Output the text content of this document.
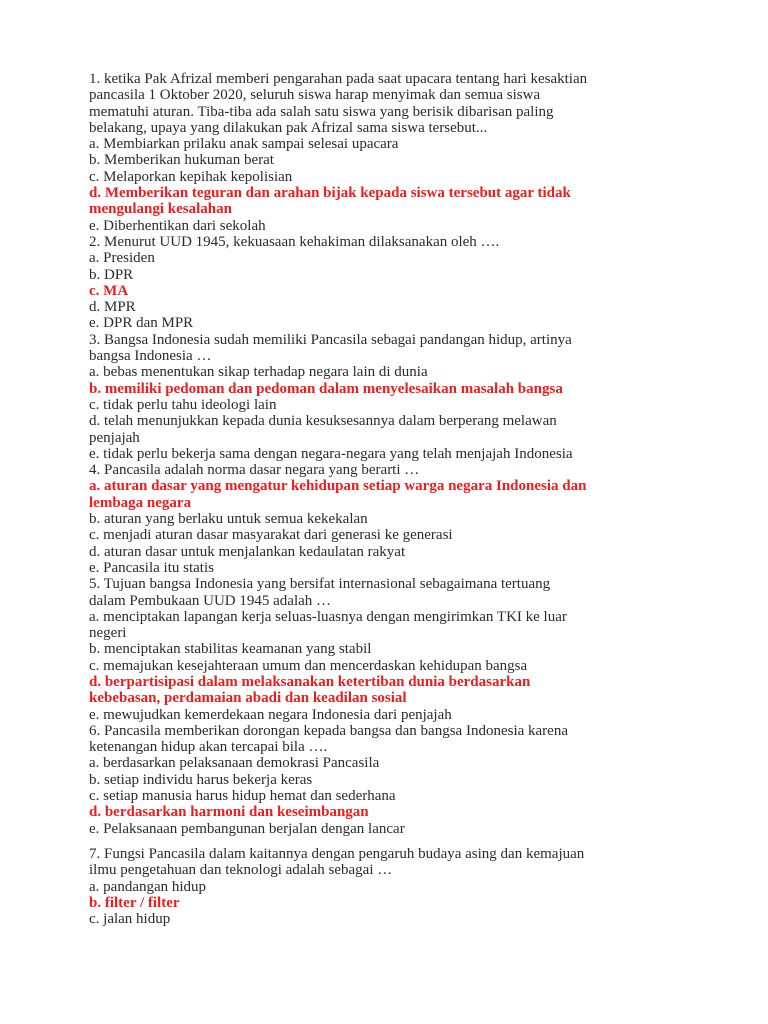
1. ketika Pak Afrizal memberi pengarahan pada saat upacara tentang hari kesaktian
pancasila 1 Oktober 2020, seluruh siswa harap menyimak dan semua siswa
mematuhi aturan. Tiba-tiba ada salah satu siswa yang berisik dibarisan paling
belakang, upaya yang dilakukan pak Afrizal sama siswa tersebut...
a. Membiarkan prilaku anak sampai selesai upacara
b. Memberikan hukuman berat
c. Melaporkan kepihak kepolisian
d. Memberikan teguran dan arahan bijak kepada siswa tersebut agar tidak
mengulangi kesalahan
e. Diberhentikan dari sekolah
2. Menurut UUD 1945, kekuasaan kehakiman dilaksanakan oleh ….
a. Presiden
b. DPR
c. MA
d. MPR
e. DPR dan MPR
3. Bangsa Indonesia sudah memiliki Pancasila sebagai pandangan hidup, artinya
bangsa Indonesia …
a. bebas menentukan sikap terhadap negara lain di dunia
b. memiliki pedoman dan pedoman dalam menyelesaikan masalah bangsa
c. tidak perlu tahu ideologi lain
d. telah menunjukkan kepada dunia kesuksesannya dalam berperang melawan
penjajah
e. tidak perlu bekerja sama dengan negara-negara yang telah menjajah Indonesia
4. Pancasila adalah norma dasar negara yang berarti …
a. aturan dasar yang mengatur kehidupan setiap warga negara Indonesia dan
lembaga negara
b. aturan yang berlaku untuk semua kekekalan
c. menjadi aturan dasar masyarakat dari generasi ke generasi
d. aturan dasar untuk menjalankan kedaulatan rakyat
e. Pancasila itu statis
5. Tujuan bangsa Indonesia yang bersifat internasional sebagaimana tertuang
dalam Pembukaan UUD 1945 adalah …
a. menciptakan lapangan kerja seluas-luasnya dengan mengirimkan TKI ke luar
negeri
b. menciptakan stabilitas keamanan yang stabil
c. memajukan kesejahteraan umum dan mencerdaskan kehidupan bangsa
d. berpartisipasi dalam melaksanakan ketertiban dunia berdasarkan
kebebasan, perdamaian abadi dan keadilan sosial
e. mewujudkan kemerdekaan negara Indonesia dari penjajah
6. Pancasila memberikan dorongan kepada bangsa dan bangsa Indonesia karena
ketenangan hidup akan tercapai bila ….
a. berdasarkan pelaksanaan demokrasi Pancasila
b. setiap individu harus bekerja keras
c. setiap manusia harus hidup hemat dan sederhana
d. berdasarkan harmoni dan keseimbangan
e. Pelaksanaan pembangunan berjalan dengan lancar
7. Fungsi Pancasila dalam kaitannya dengan pengaruh budaya asing dan kemajuan
ilmu pengetahuan dan teknologi adalah sebagai …
a. pandangan hidup
b. filter / filter
c. jalan hidup
